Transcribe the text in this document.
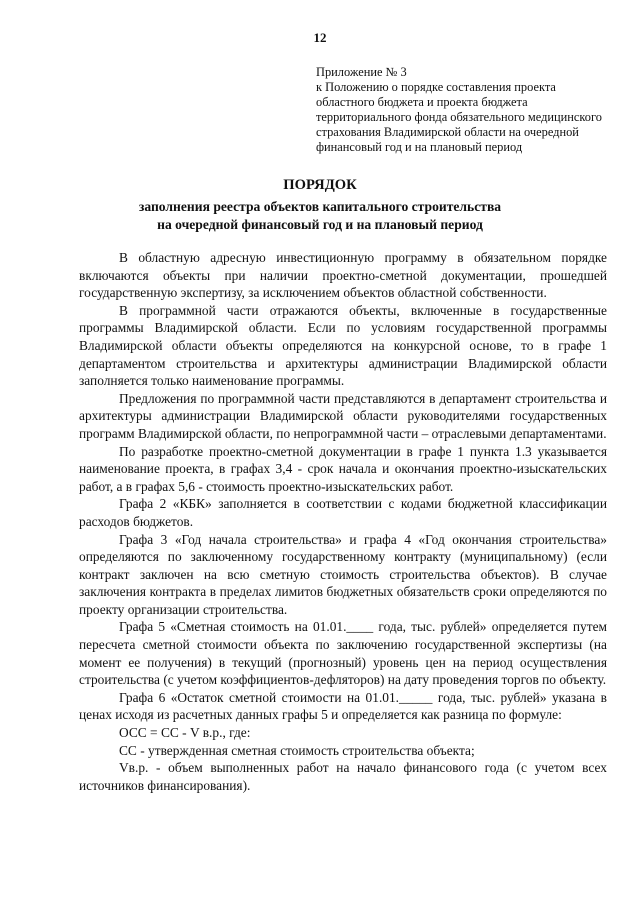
12
Приложение № 3
к Положению о порядке составления проекта
областного бюджета и проекта бюджета
территориального фонда обязательного медицинского
страхования Владимирской области на очередной
финансовый год и на плановый период
ПОРЯДОК
заполнения реестра объектов капитального строительства
на очередной финансовый год и на плановый период

В областную адресную инвестиционную программу в обязательном порядке включаются объекты при наличии проектно-сметной документации, прошедшей государственную экспертизу, за исключением объектов областной собственности.

В программной части отражаются объекты, включенные в государственные программы Владимирской области. Если по условиям государственной программы Владимирской области объекты определяются на конкурсной основе, то в графе 1 департаментом строительства и архитектуры администрации Владимирской области заполняется только наименование программы.

Предложения по программной части представляются в департамент строительства и архитектуры администрации Владимирской области руководителями государственных программ Владимирской области, по непрограммной части – отраслевыми департаментами.

По разработке проектно-сметной документации в графе 1 пункта 1.3 указывается наименование проекта, в графах 3,4 - срок начала и окончания проектно-изыскательских работ, а в графах 5,6 - стоимость проектно-изыскательских работ.

Графа 2 «КБК» заполняется в соответствии с кодами бюджетной классификации расходов бюджетов.

Графа 3 «Год начала строительства» и графа 4 «Год окончания строительства» определяются по заключенному государственному контракту (муниципальному) (если контракт заключен на всю сметную стоимость строительства объектов). В случае заключения контракта в пределах лимитов бюджетных обязательств сроки определяются по проекту организации строительства.

Графа 5 «Сметная стоимость на 01.01.____ года, тыс. рублей» определяется путем пересчета сметной стоимости объекта по заключению государственной экспертизы (на момент ее получения) в текущий (прогнозный) уровень цен на период осуществления строительства (с учетом коэффициентов-дефляторов) на дату проведения торгов по объекту.

Графа 6 «Остаток сметной стоимости на 01.01._____ года, тыс. рублей» указана в ценах исходя из расчетных данных графы 5 и определяется как разница по формуле:

ОСС = СС - V в.р., где:

СС - утвержденная сметная стоимость строительства объекта;

Vв.р. - объем выполненных работ на начало финансового года (с учетом всех источников финансирования).
